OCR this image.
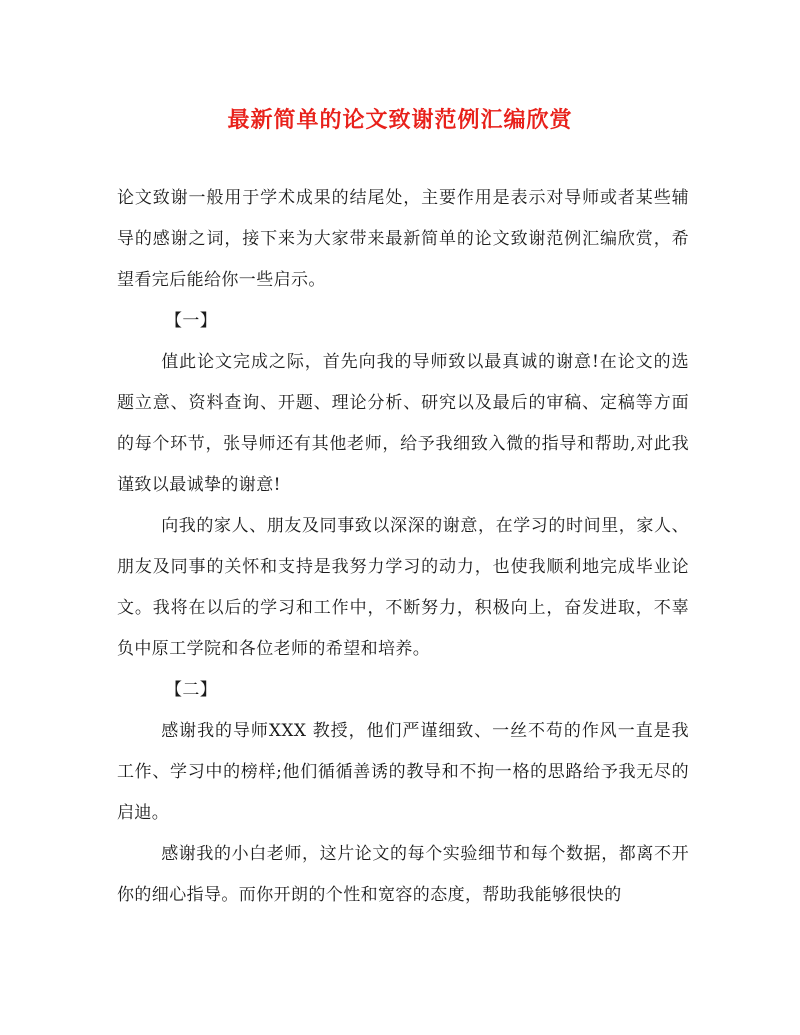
最新简单的论文致谢范例汇编欣赏

论文致谢一般用于学术成果的结尾处，主要作用是表示对导师或者某些辅导的感谢之词，接下来为大家带来最新简单的论文致谢范例汇编欣赏，希望看完后能给你一些启示。

【一】

值此论文完成之际，首先向我的导师致以最真诚的谢意!在论文的选题立意、资料查询、开题、理论分析、研究以及最后的审稿、定稿等方面的每个环节，张导师还有其他老师，给予我细致入微的指导和帮助,对此我谨致以最诚挚的谢意!

向我的家人、朋友及同事致以深深的谢意，在学习的时间里，家人、朋友及同事的关怀和支持是我努力学习的动力，也使我顺利地完成毕业论文。我将在以后的学习和工作中，不断努力，积极向上，奋发进取，不辜负中原工学院和各位老师的希望和培养。

【二】

感谢我的导师XXX 教授，他们严谨细致、一丝不苟的作风一直是我工作、学习中的榜样;他们循循善诱的教导和不拘一格的思路给予我无尽的启迪。

感谢我的小白老师，这片论文的每个实验细节和每个数据，都离不开你的细心指导。而你开朗的个性和宽容的态度，帮助我能够很快的
